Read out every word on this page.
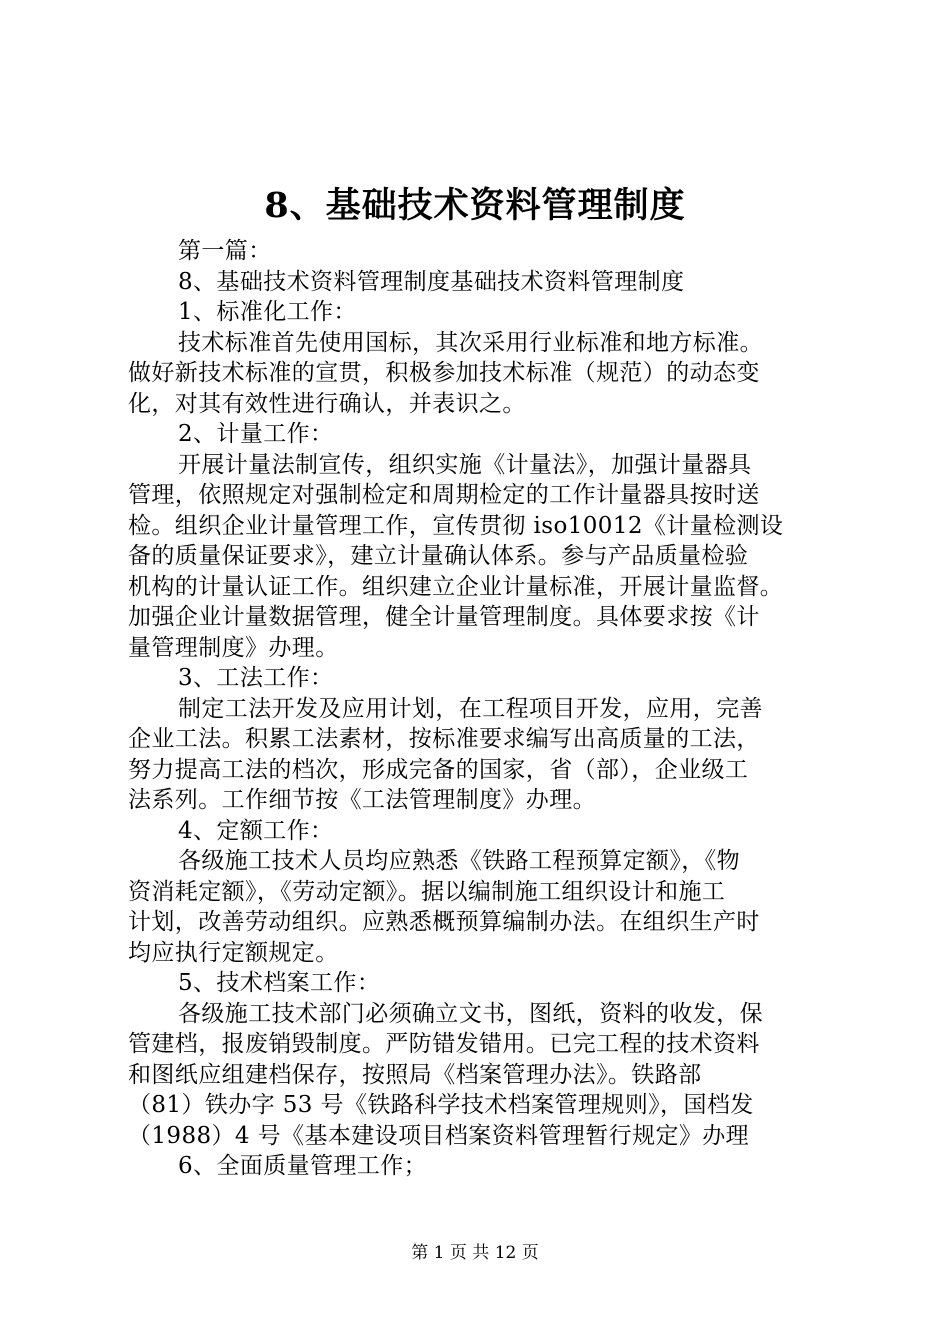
8、基础技术资料管理制度
第一篇：
8、基础技术资料管理制度基础技术资料管理制度
1、标准化工作：
技术标准首先使用国标，其次采用行业标准和地方标准。
做好新技术标准的宣贯，积极参加技术标准（规范）的动态变
化，对其有效性进行确认，并表识之。
2、计量工作：
开展计量法制宣传，组织实施《计量法》，加强计量器具
管理，依照规定对强制检定和周期检定的工作计量器具按时送
检。组织企业计量管理工作，宣传贯彻 iso10012《计量检测设
备的质量保证要求》，建立计量确认体系。参与产品质量检验
机构的计量认证工作。组织建立企业计量标准，开展计量监督。
加强企业计量数据管理，健全计量管理制度。具体要求按《计
量管理制度》办理。
3、工法工作：
制定工法开发及应用计划，在工程项目开发，应用，完善
企业工法。积累工法素材，按标准要求编写出高质量的工法，
努力提高工法的档次，形成完备的国家，省（部），企业级工
法系列。工作细节按《工法管理制度》办理。
4、定额工作：
各级施工技术人员均应熟悉《铁路工程预算定额》，《物
资消耗定额》，《劳动定额》。据以编制施工组织设计和施工
计划，改善劳动组织。应熟悉概预算编制办法。在组织生产时
均应执行定额规定。
5、技术档案工作：
各级施工技术部门必须确立文书，图纸，资料的收发，保
管建档，报废销毁制度。严防错发错用。已完工程的技术资料
和图纸应组建档保存，按照局《档案管理办法》。铁路部
（81）铁办字 53 号《铁路科学技术档案管理规则》，国档发
（1988）4 号《基本建设项目档案资料管理暂行规定》办理
6、全面质量管理工作；
第 1 页 共 12 页
